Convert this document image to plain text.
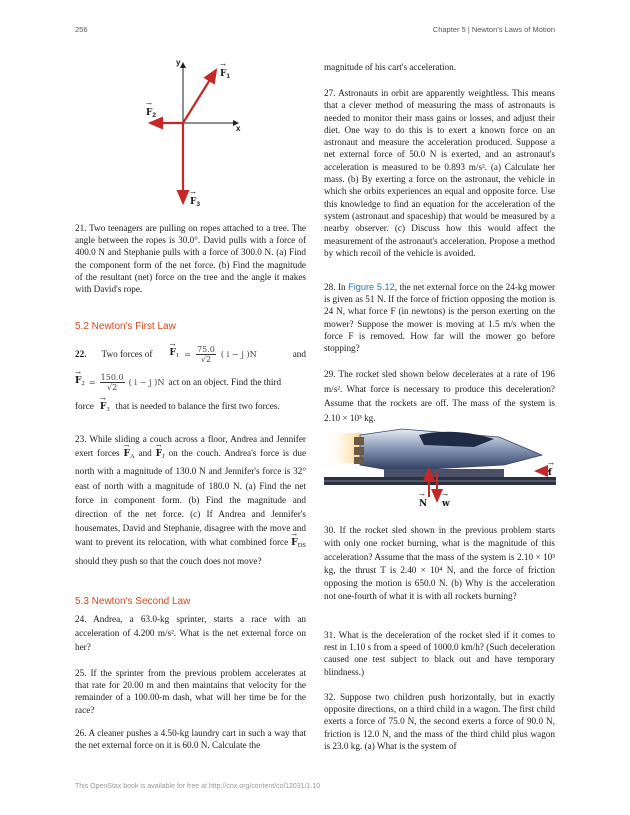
256	Chapter 5 | Newton's Laws of Motion
y
x
→ $F_1$
→ $F_2$
→ $F_3$

21. Two teenagers are pulling on ropes attached to a tree. The angle between the ropes is 30.0°. David pulls with a force of 400.0 N and Stephanie pulls with a force of 300.0 N. (a) Find the component form of the net force. (b) Find the magnitude of the resultant (net) force on the tree and the angle it makes with David's rope.

5.2 Newton's First Law
22. Two forces of → $F_1 = \frac{75.0}{√2}$ ( i − j )N	and
→ $F_2 = \frac{150.0}{√2}$ ( i − j )N act on an object. Find the third
force → $F_3$ that is needed to balance the first two forces.

23. While sliding a couch across a floor, Andrea and Jennifer exert forces → $F_A$ and → $F_J$ on the couch. Andrea's force is due north with a magnitude of 130.0 N and Jennifer's force is 32° east of north with a magnitude of 180.0 N. (a) Find the net force in component form. (b) Find the magnitude and direction of the net force. (c) If Andrea and Jennifer's housemates, David and Stephanie, disagree with the move and want to prevent its relocation, with what combined force → $F_{DS}$ should they push so that the couch does not move?

5.3 Newton's Second Law

24. Andrea, a 63.0-kg sprinter, starts a race with an acceleration of 4.200 m/s². What is the net external force on her?

25. If the sprinter from the previous problem accelerates at that rate for 20.00 m and then maintains that velocity for the remainder of a 100.00-m dash, what will her time be for the race?

26. A cleaner pushes a 4.50-kg laundry cart in such a way that the net external force on it is 60.0 N. Calculate the

magnitude of his cart's acceleration.

27. Astronauts in orbit are apparently weightless. This means that a clever method of measuring the mass of astronauts is needed to monitor their mass gains or losses, and adjust their diet. One way to do this is to exert a known force on an astronaut and measure the acceleration produced. Suppose a net external force of 50.0 N is exerted, and an astronaut's acceleration is measured to be 0.893 m/s². (a) Calculate her mass. (b) By exerting a force on the astronaut, the vehicle in which she orbits experiences an equal and opposite force. Use this knowledge to find an equation for the acceleration of the system (astronaut and spaceship) that would be measured by a nearby observer. (c) Discuss how this would affect the measurement of the astronaut's acceleration. Propose a method by which recoil of the vehicle is avoided.

28. In Figure 5.12, the net external force on the 24-kg mower is given as 51 N. If the force of friction opposing the motion is 24 N, what force F (in newtons) is the person exerting on the mower? Suppose the mower is moving at 1.5 m/s when the force F is removed. How far will the mower go before stopping?

29. The rocket sled shown below decelerates at a rate of 196 m/s². What force is necessary to produce this deceleration? Assume that the rockets are off. The mass of the system is 2.10 × 10³ kg.

→ f
→ N → w

30. If the rocket sled shown in the previous problem starts with only one rocket burning, what is the magnitude of this acceleration? Assume that the mass of the system is 2.10 × 10³ kg, the thrust T is 2.40 × 10⁴ N, and the force of friction opposing the motion is 650.0 N. (b) Why is the acceleration not one-fourth of what it is with all rockets burning?

31. What is the deceleration of the rocket sled if it comes to rest in 1.10 s from a speed of 1000.0 km/h? (Such deceleration caused one test subject to black out and have temporary blindness.)

32. Suppose two children push horizontally, but in exactly opposite directions, on a third child in a wagon. The first child exerts a force of 75.0 N, the second exerts a force of 90.0 N, friction is 12.0 N, and the mass of the third child plus wagon is 23.0 kg. (a) What is the system of

This OpenStax book is available for free at http://cnx.org/content/col12031/1.10
